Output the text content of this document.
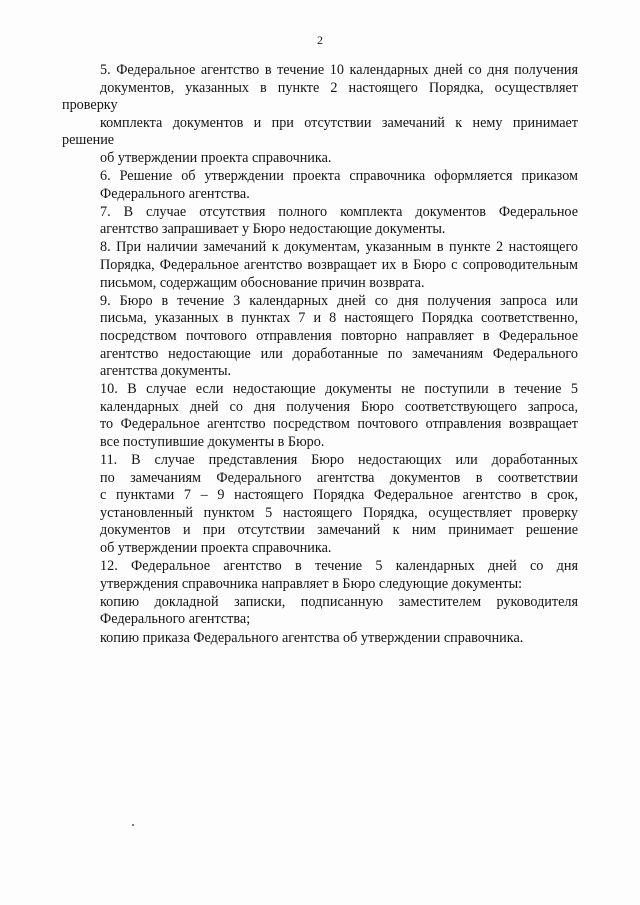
2
5. Федеральное агентство в течение 10 календарных дней со дня получения
документов, указанных в пункте 2 настоящего Порядка, осуществляет проверку
комплекта документов и при отсутствии замечаний к нему принимает решение
об утверждении проекта справочника.
6. Решение об утверждении проекта справочника оформляется приказом
Федерального агентства.
7. В случае отсутствия полного комплекта документов Федеральное
агентство запрашивает у Бюро недостающие документы.
8. При наличии замечаний к документам, указанным в пункте 2 настоящего
Порядка, Федеральное агентство возвращает их в Бюро с сопроводительным
письмом, содержащим обоснование причин возврата.
9. Бюро в течение 3 календарных дней со дня получения запроса или
письма, указанных в пунктах 7 и 8 настоящего Порядка соответственно,
посредством почтового отправления повторно направляет в Федеральное
агентство недостающие или доработанные по замечаниям Федерального
агентства документы.
10. В случае если недостающие документы не поступили в течение 5
календарных дней со дня получения Бюро соответствующего запроса,
то Федеральное агентство посредством почтового отправления возвращает
все поступившие документы в Бюро.
11. В случае представления Бюро недостающих или доработанных
по замечаниям Федерального агентства документов в соответствии
с пунктами 7 – 9 настоящего Порядка Федеральное агентство в срок,
установленный пунктом 5 настоящего Порядка, осуществляет проверку
документов и при отсутствии замечаний к ним принимает решение
об утверждении проекта справочника.
12. Федеральное агентство в течение 5 календарных дней со дня
утверждения справочника направляет в Бюро следующие документы:
копию докладной записки, подписанную заместителем руководителя
Федерального агентства;
копию приказа Федерального агентства об утверждении справочника.
